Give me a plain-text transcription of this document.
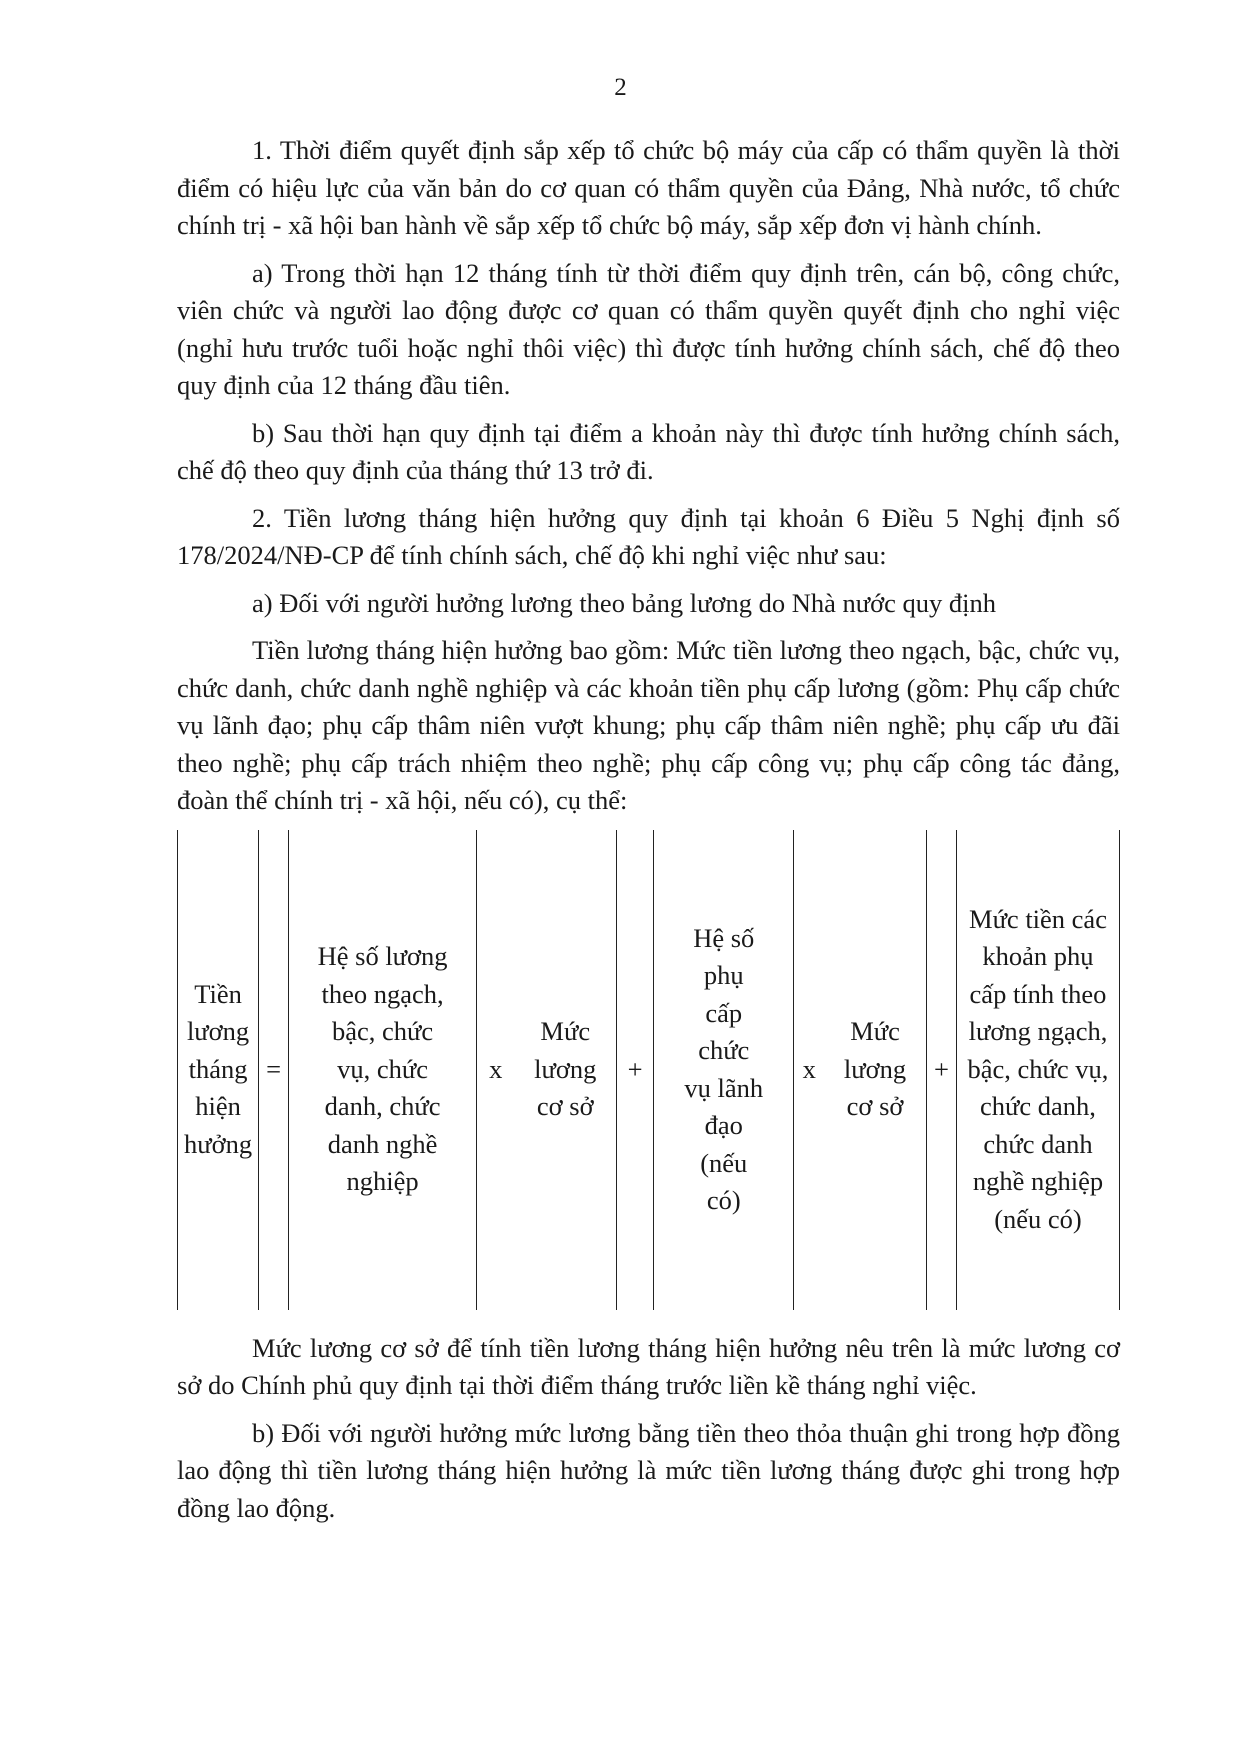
2

1. Thời điểm quyết định sắp xếp tổ chức bộ máy của cấp có thẩm quyền là thời điểm có hiệu lực của văn bản do cơ quan có thẩm quyền của Đảng, Nhà nước, tổ chức chính trị - xã hội ban hành về sắp xếp tổ chức bộ máy, sắp xếp đơn vị hành chính.

a) Trong thời hạn 12 tháng tính từ thời điểm quy định trên, cán bộ, công chức, viên chức và người lao động được cơ quan có thẩm quyền quyết định cho nghỉ việc (nghỉ hưu trước tuổi hoặc nghỉ thôi việc) thì được tính hưởng chính sách, chế độ theo quy định của 12 tháng đầu tiên.

b) Sau thời hạn quy định tại điểm a khoản này thì được tính hưởng chính sách, chế độ theo quy định của tháng thứ 13 trở đi.

2. Tiền lương tháng hiện hưởng quy định tại khoản 6 Điều 5 Nghị định số 178/2024/NĐ-CP để tính chính sách, chế độ khi nghỉ việc như sau:

a) Đối với người hưởng lương theo bảng lương do Nhà nước quy định

Tiền lương tháng hiện hưởng bao gồm: Mức tiền lương theo ngạch, bậc, chức vụ, chức danh, chức danh nghề nghiệp và các khoản tiền phụ cấp lương (gồm: Phụ cấp chức vụ lãnh đạo; phụ cấp thâm niên vượt khung; phụ cấp thâm niên nghề; phụ cấp ưu đãi theo nghề; phụ cấp trách nhiệm theo nghề; phụ cấp công vụ; phụ cấp công tác đảng, đoàn thể chính trị - xã hội, nếu có), cụ thể:

Tiền lương tháng hiện hưởng
=
Hệ số lương theo ngạch, bậc, chức vụ, chức danh, chức danh nghề nghiệp
x
Mức lương cơ sở
+
Hệ số phụ cấp chức vụ lãnh đạo (nếu có)
x
Mức lương cơ sở
+
Mức tiền các khoản phụ cấp tính theo lương ngạch, bậc, chức vụ, chức danh, chức danh nghề nghiệp (nếu có)

Mức lương cơ sở để tính tiền lương tháng hiện hưởng nêu trên là mức lương cơ sở do Chính phủ quy định tại thời điểm tháng trước liền kề tháng nghỉ việc.

b) Đối với người hưởng mức lương bằng tiền theo thỏa thuận ghi trong hợp đồng lao động thì tiền lương tháng hiện hưởng là mức tiền lương tháng được ghi trong hợp đồng lao động.
